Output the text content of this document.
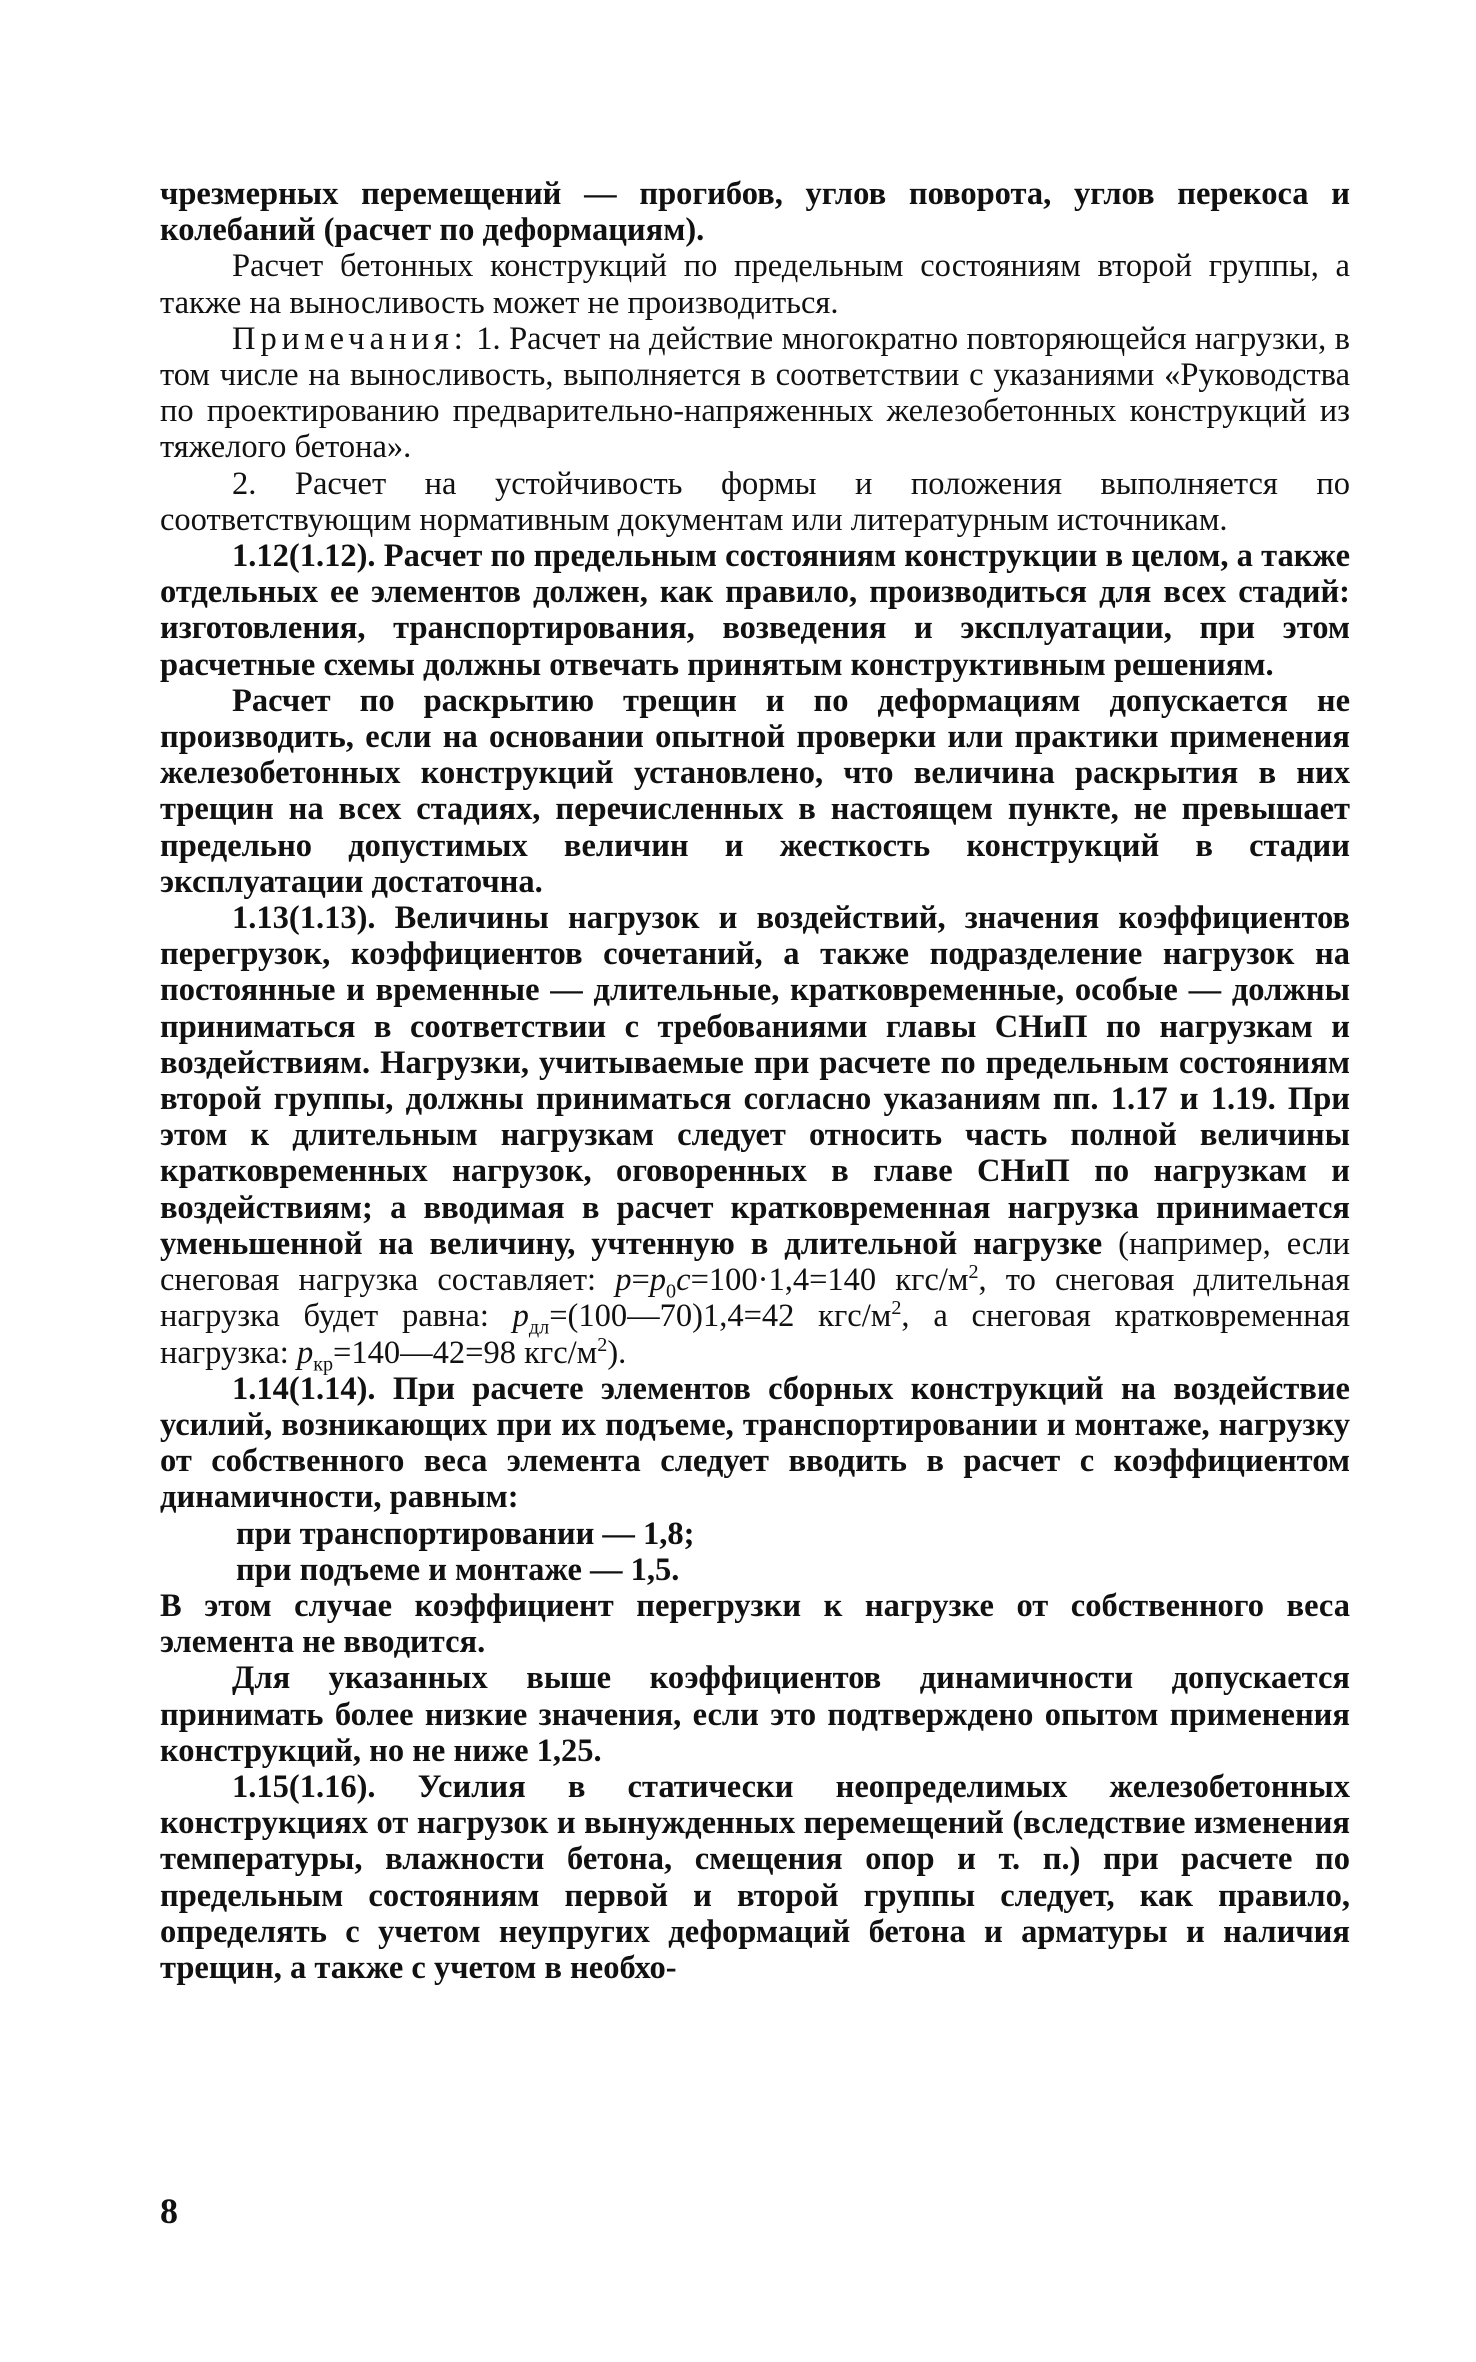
чрезмерных перемещений — прогибов, углов поворота, углов перекоса и колебаний (расчет по деформациям).

Расчет бетонных конструкций по предельным состояниям второй группы, а также на выносливость может не производиться.

Примечания: 1. Расчет на действие многократно повторяющейся нагрузки, в том числе на выносливость, выполняется в соответствии с указаниями «Руководства по проектированию предварительно-напряженных железобетонных конструкций из тяжелого бетона».

2. Расчет на устойчивость формы и положения выполняется по соответствующим нормативным документам или литературным источникам.

1.12(1.12). Расчет по предельным состояниям конструкции в целом, а также отдельных ее элементов должен, как правило, производиться для всех стадий: изготовления, транспортирования, возведения и эксплуатации, при этом расчетные схемы должны отвечать принятым конструктивным решениям.

Расчет по раскрытию трещин и по деформациям допускается не производить, если на основании опытной проверки или практики применения железобетонных конструкций установлено, что величина раскрытия в них трещин на всех стадиях, перечисленных в настоящем пункте, не превышает предельно допустимых величин и жесткость конструкций в стадии эксплуатации достаточна.

1.13(1.13). Величины нагрузок и воздействий, значения коэффициентов перегрузок, коэффициентов сочетаний, а также подразделение нагрузок на постоянные и временные — длительные, кратковременные, особые — должны приниматься в соответствии с требованиями главы СНиП по нагрузкам и воздействиям. Нагрузки, учитываемые при расчете по предельным состояниям второй группы, должны приниматься согласно указаниям пп. 1.17 и 1.19. При этом к длительным нагрузкам следует относить часть полной величины кратковременных нагрузок, оговоренных в главе СНиП по нагрузкам и воздействиям; а вводимая в расчет кратковременная нагрузка принимается уменьшенной на величину, учтенную в длительной нагрузке (например, если снеговая нагрузка составляет: $p=p_0c=100\cdot 1,4=140$ кгс/$м^2$, то снеговая длительная нагрузка будет равна: $p_{дл}=(100—70)1,4=42$ кгс/$м^2$, а снеговая кратковременная нагрузка: $p_{кр}=140—42=98$ кгс/$м^2$).

1.14(1.14). При расчете элементов сборных конструкций на воздействие усилий, возникающих при их подъеме, транспортировании и монтаже, нагрузку от собственного веса элемента следует вводить в расчет с коэффициентом динамичности, равным:

при транспортировании — 1,8;

при подъеме и монтаже — 1,5.

В этом случае коэффициент перегрузки к нагрузке от собственного веса элемента не вводится.

Для указанных выше коэффициентов динамичности допускается принимать более низкие значения, если это подтверждено опытом применения конструкций, но не ниже 1,25.

1.15(1.16). Усилия в статически неопределимых железобетонных конструкциях от нагрузок и вынужденных перемещений (вследствие изменения температуры, влажности бетона, смещения опор и т. п.) при расчете по предельным состояниям первой и второй группы следует, как правило, определять с учетом неупругих деформаций бетона и арматуры и наличия трещин, а также с учетом в необхо-

8
